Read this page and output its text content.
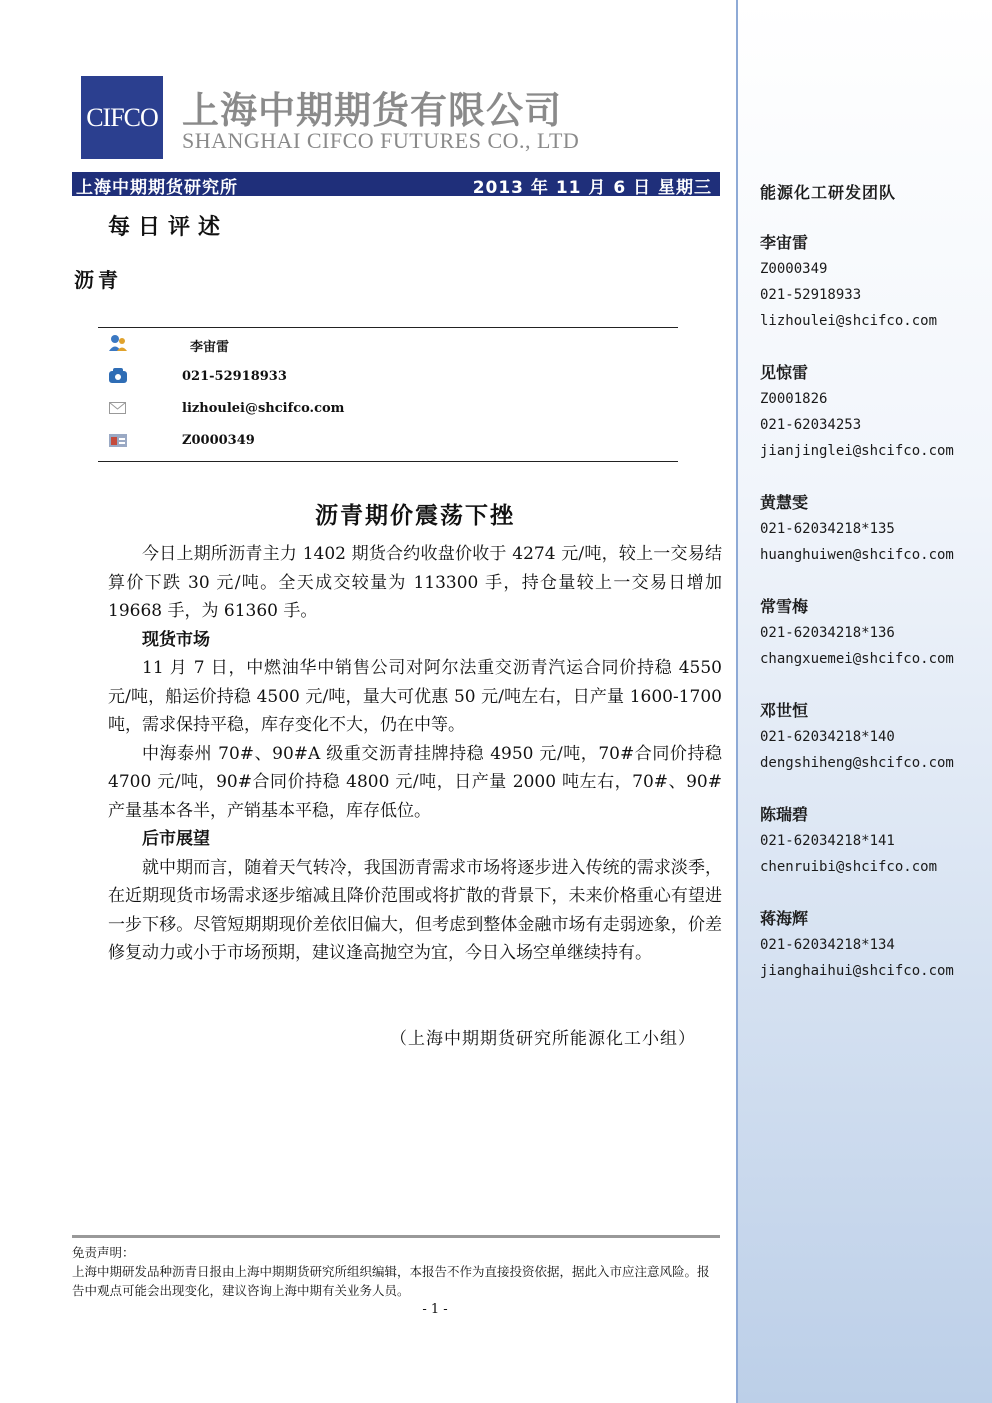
CIFCO 上海中期期货有限公司
SHANGHAI CIFCO FUTURES CO., LTD
上海中期期货研究所	2013 年 11 月 6 日 星期三
每日评述
沥青
李宙雷
021-52918933
lizhoulei@shcifco.com
Z0000349
沥青期价震荡下挫

今日上期所沥青主力 1402 期货合约收盘价收于 4274 元/吨，较上一交易结算价下跌 30 元/吨。全天成交较量为 113300 手，持仓量较上一交易日增加 19668 手，为 61360 手。

现货市场

11 月 7 日，中燃油华中销售公司对阿尔法重交沥青汽运合同价持稳 4550 元/吨，船运价持稳 4500 元/吨，量大可优惠 50 元/吨左右，日产量 1600-1700 吨，需求保持平稳，库存变化不大，仍在中等。

中海泰州 70#、90#A 级重交沥青挂牌持稳 4950 元/吨，70#合同价持稳 4700 元/吨，90#合同价持稳 4800 元/吨，日产量 2000 吨左右，70#、90#产量基本各半，产销基本平稳，库存低位。

后市展望

就中期而言，随着天气转冷，我国沥青需求市场将逐步进入传统的需求淡季，在近期现货市场需求逐步缩减且降价范围或将扩散的背景下，未来价格重心有望进一步下移。尽管短期期现价差依旧偏大，但考虑到整体金融市场有走弱迹象，价差修复动力或小于市场预期，建议逢高抛空为宜，今日入场空单继续持有。

（上海中期期货研究所能源化工小组）
免责声明：
上海中期研发品种沥青日报由上海中期期货研究所组织编辑，本报告不作为直接投资依据，据此入市应注意风险。报告中观点可能会出现变化，建议咨询上海中期有关业务人员。
- 1 -
能源化工研发团队
李宙雷
Z0000349
021-52918933
lizhoulei@shcifco.com
见惊雷
Z0001826
021-62034253
jianjinglei@shcifco.com
黄慧雯
021-62034218*135
huanghuiwen@shcifco.com
常雪梅
021-62034218*136
changxuemei@shcifco.com
邓世恒
021-62034218*140
dengshiheng@shcifco.com
陈瑞碧
021-62034218*141
chenruibi@shcifco.com
蒋海辉
021-62034218*134
jianghaihui@shcifco.com
